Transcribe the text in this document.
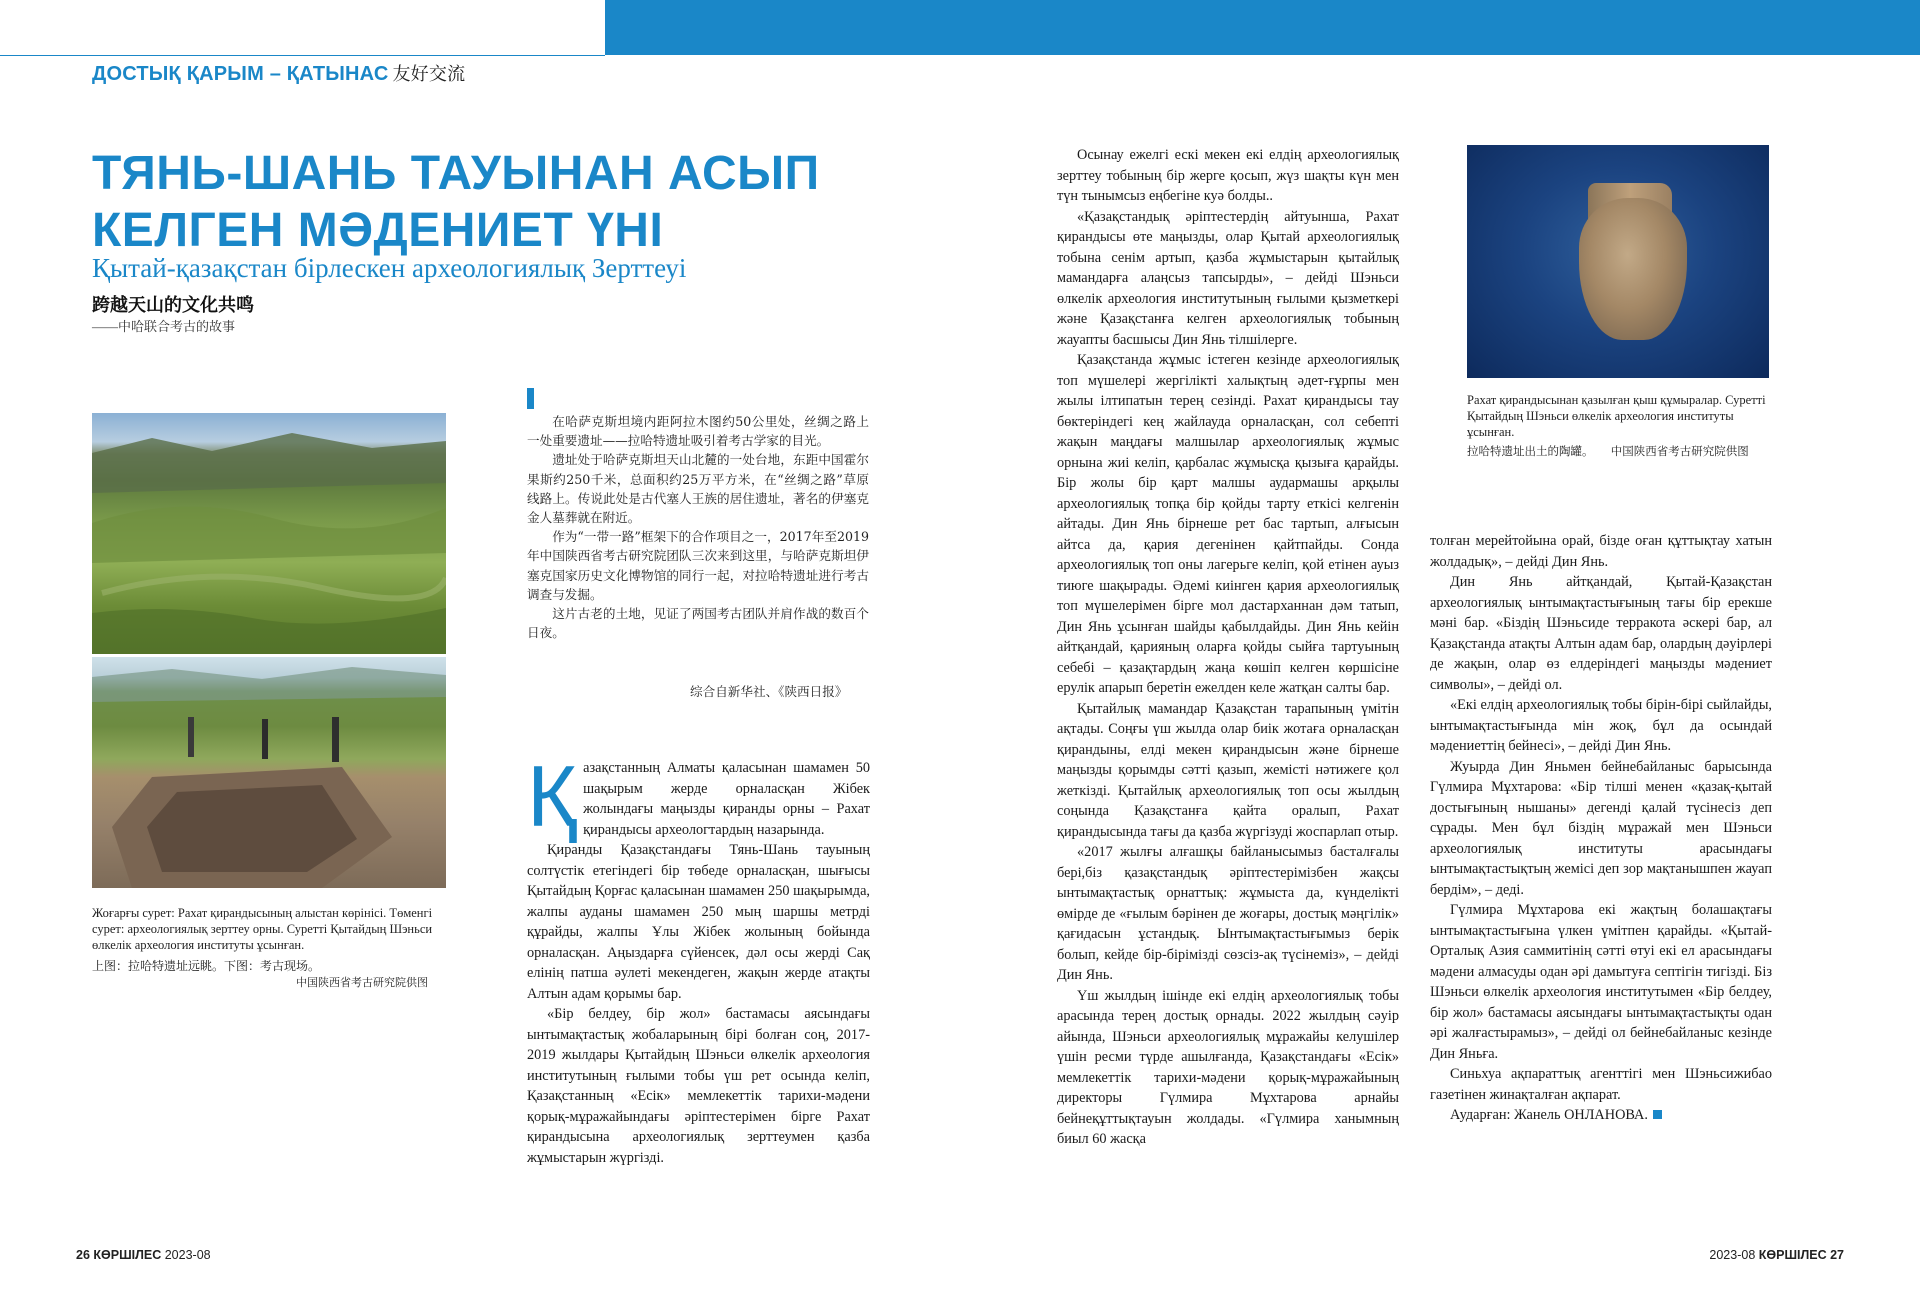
ДОСТЫҚ ҚАРЫМ – ҚАТЫНАС 友好交流
ТЯНЬ-ШАНЬ ТАУЫНАН АСЫП КЕЛГЕН МӘДЕНИЕТ ҮНІ
Қытай-қазақстан бірлескен археологиялық Зерттеуі
跨越天山的文化共鸣
——中哈联合考古的故事
Жоғарғы сурет: Рахат қирандысының алыстан көрінісі. Төменгі сурет: археологиялық зерттеу орны. Суретті Қытайдың Шэньси өлкелік археология институты ұсынған.
上图：拉哈特遗址远眺。下图：考古现场。
中国陕西省考古研究院供图

在哈萨克斯坦境内距阿拉木图约50公里处，丝绸之路上一处重要遗址——拉哈特遗址吸引着考古学家的目光。

遗址处于哈萨克斯坦天山北麓的一处台地，东距中国霍尔果斯约250千米，总面积约25万平方米，在“丝绸之路”草原线路上。传说此处是古代塞人王族的居住遗址，著名的伊塞克金人墓葬就在附近。

作为“一带一路”框架下的合作项目之一，2017年至2019年中国陕西省考古研究院团队三次来到这里，与哈萨克斯坦伊塞克国家历史文化博物馆的同行一起，对拉哈特遗址进行考古调查与发掘。

这片古老的土地，见证了两国考古团队并肩作战的数百个日夜。

综合自新华社、《陕西日报》

Қазақстанның Алматы қаласынан шамамен 50 шақырым жерде орналасқан Жібек жолындағы маңызды қиранды орны – Рахат қирандысы археологтардың назарында.

Қиранды Қазақстандағы Тянь-Шань тауының солтүстік етегіндегі бір төбеде орналасқан, шығысы Қытайдың Қорғас қаласынан шамамен 250 шақырымда, жалпы ауданы шамамен 250 мың шаршы метрді құрайды, жалпы Ұлы Жібек жолының бойында орналасқан. Аңыздарға сүйенсек, дәл осы жерді Сақ елінің патша әулеті мекендеген, жақын жерде атақты Алтын адам қорымы бар.

«Бір белдеу, бір жол» бастамасы аясындағы ынтымақтастық жобаларының бірі болған соң, 2017-2019 жылдары Қытайдың Шэньси өлкелік археология институтының ғылыми тобы үш рет осында келіп, Қазақстанның «Есік» мемлекеттік тарихи-мәдени қорық-мұражайындағы әріптестерімен бірге Рахат қирандысына археологиялық зерттеумен қазба жұмыстарын жүргізді.

Осынау ежелгі ескі мекен екі елдің археологиялық зерттеу тобының бір жерге қосып, жүз шақты күн мен түн тынымсыз еңбегіне куә болды..

«Қазақстандық әріптестердің айтуынша, Рахат қирандысы өте маңызды, олар Қытай археологиялық тобына сенім артып, қазба жұмыстарын қытайлық мамандарға алаңсыз тапсырды», – дейді Шэньси өлкелік археология институтының ғылыми қызметкері және Қазақстанға келген археологиялық тобының жауапты басшысы Дин Янь тілшілерге.

Қазақстанда жұмыс істеген кезінде археологиялық топ мүшелері жергілікті халықтың әдет-ғұрпы мен жылы ілтипатын терең сезінді. Рахат қирандысы тау бөктеріндегі кең жайлауда орналасқан, сол себепті жақын маңдағы малшылар археологиялық жұмыс орнына жиі келіп, қарбалас жұмысқа қызыға қарайды. Бір жолы бір қарт малшы аудармашы арқылы археологиялық топқа бір қойды тарту еткісі келгенін айтады. Дин Янь бірнеше рет бас тартып, алғысын айтса да, қария дегенінен қайтпайды. Сонда археологиялық топ оны лагерьге келіп, қой етінен ауыз тиюге шақырады. Әдемі киінген қария археологиялық топ мүшелерімен бірге мол дастарханнан дәм татып, Дин Янь ұсынған шайды қабылдайды. Дин Янь кейін айтқандай, қарияның оларға қойды сыйға тартуының себебі – қазақтардың жаңа көшіп келген көршісіне ерулік апарып беретін ежелден келе жатқан салты бар.

Қытайлық мамандар Қазақстан тарапының үмітін ақтады. Соңғы үш жылда олар биік жотаға орналасқан қирандыны, елді мекен қирандысын және бірнеше маңызды қорымды сәтті қазып, жемісті нәтижеге қол жеткізді. Қытайлық археологиялық топ осы жылдың соңында Қазақстанға қайта оралып, Рахат қирандысында тағы да қазба жүргізуді жоспарлап отыр.

«2017 жылғы алғашқы байланысымыз басталғалы бері,біз қазақстандық әріптестерімізбен жақсы ынтымақтастық орнаттық: жұмыста да, күнделікті өмірде де «ғылым бәрінен де жоғары, достық мәңгілік» қағидасын ұстандық. Ынтымақтастығымыз берік болып, кейде бір-бірімізді сөзсіз-ақ түсінеміз», – дейді Дин Янь.

Үш жылдың ішінде екі елдің археологиялық тобы арасында терең достық орнады. 2022 жылдың сәуір айында, Шэньси археологиялық мұражайы келушілер үшін ресми түрде ашылғанда, Қазақстандағы «Есік» мемлекеттік тарихи-мәдени қорық-мұражайының директоры Гүлмира Мұхтарова арнайы бейнеқұттықтауын жолдады. «Гүлмира ханымның биыл 60 жасқа

Рахат қирандысынан қазылған қыш құмыралар. Суретті Қытайдың Шэньси өлкелік археология институты ұсынған.
拉哈特遗址出土的陶罐。　　中国陕西省考古研究院供图

толған мерейтойына орай, бізде оған құттықтау хатын жолдадық», – дейді Дин Янь.

Дин Янь айтқандай, Қытай-Қазақстан археологиялық ынтымақтастығының тағы бір ерекше мәні бар. «Біздің Шэньсиде терракота әскері бар, ал Қазақстанда атақты Алтын адам бар, олардың дәуірлері де жақын, олар өз елдеріндегі маңызды мәдениет символы», – дейді ол.

«Екі елдің археологиялық тобы бірін-бірі сыйлайды, ынтымақтастығында мін жоқ, бұл да осындай мәдениеттің бейнесі», – дейді Дин Янь.

Жуырда Дин Яньмен бейнебайланыс барысында Гүлмира Мұхтарова: «Бір тілші менен «қазақ-қытай достығының нышаны» дегенді қалай түсінесіз деп сұрады. Мен бұл біздің мұражай мен Шэньси археологиялық институты арасындағы ынтымақтастықтың жемісі деп зор мақтанышпен жауап бердім», – деді.

Гүлмира Мұхтарова екі жақтың болашақтағы ынтымақтастығына үлкен үмітпен қарайды. «Қытай-Орталық Азия саммитінің сәтті өтуі екі ел арасындағы мәдени алмасуды одан әрі дамытуға септігін тигізді. Біз Шэньси өлкелік археология институтымен «Бір белдеу, бір жол» бастамасы аясындағы ынтымақтастықты одан әрі жалғастырамыз», – дейді ол бейнебайланыс кезінде Дин Яньға.

Синьхуа ақпараттық агенттігі мен Шэньсижибао газетінен жинақталған ақпарат.

Аударған: Жанель ОНЛАНОВА.

26 КӨРШІЛЕС 2023-08	2023-08 КӨРШІЛЕС 27
